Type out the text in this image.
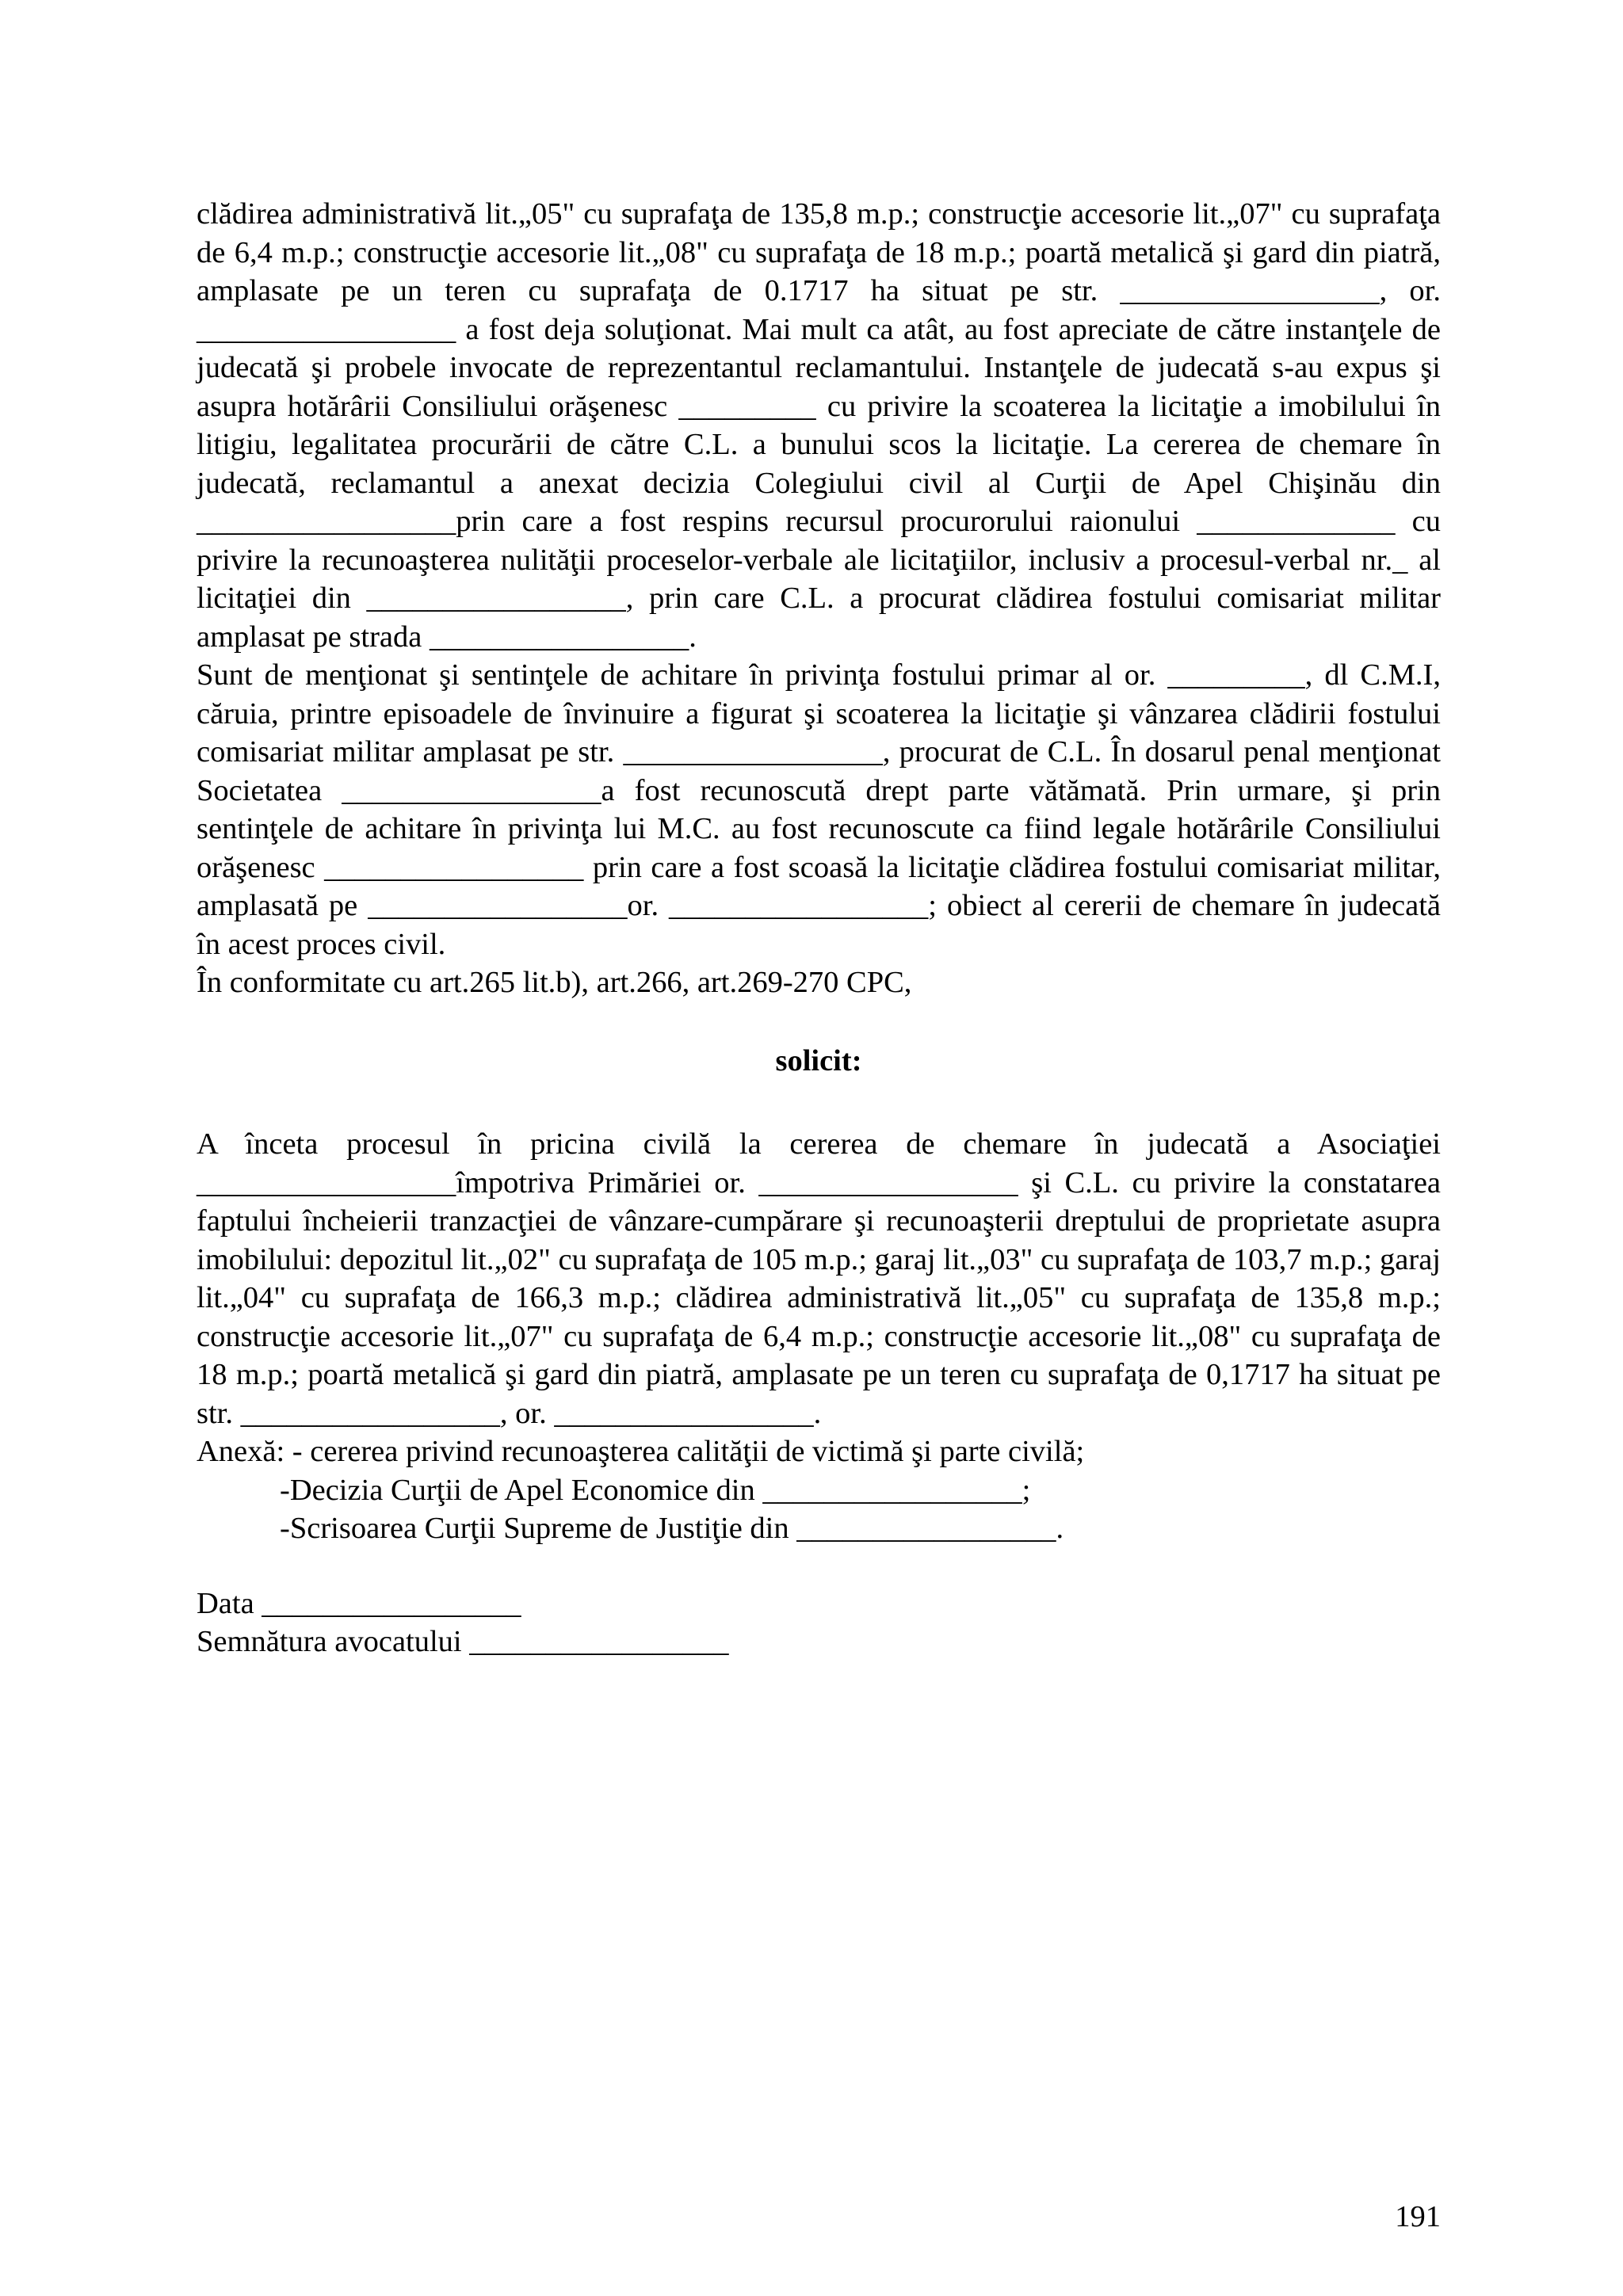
clădirea administrativă lit.„05" cu suprafaţa de 135,8 m.p.; construcţie accesorie lit.„07" cu suprafaţa de 6,4 m.p.; construcţie accesorie lit.„08" cu suprafaţa de 18 m.p.; poartă metalică şi gard din piatră, amplasate pe un teren cu suprafaţa de 0.1717 ha situat pe str. _________________, or. _________________ a fost deja soluţionat. Mai mult ca atât, au fost apreciate de către instanţele de judecată şi probele invocate de reprezentantul reclamantului. Instanţele de judecată s-au expus şi asupra hotărârii Consiliului orăşenesc _________ cu privire la scoaterea la licitaţie a imobilului în litigiu, legalitatea procurării de către C.L. a bunului scos la licitaţie. La cererea de chemare în judecată, reclamantul a anexat decizia Colegiului civil al Curţii de Apel Chişinău din _________________prin care a fost respins recursul procurorului raionului _____________ cu privire la recunoaşterea nulităţii proceselor-verbale ale licitaţiilor, inclusiv a procesul-verbal nr._ al licitaţiei din _________________, prin care C.L. a procurat clădirea fostului comisariat militar amplasat pe strada _________________.

Sunt de menţionat şi sentinţele de achitare în privinţa fostului primar al or. _________, dl C.M.I, căruia, printre episoadele de învinuire a figurat şi scoaterea la licitaţie şi vânzarea clădirii fostului comisariat militar amplasat pe str. _________________, procurat de C.L. În dosarul penal menţionat Societatea _________________a fost recunoscută drept parte vătămată. Prin urmare, şi prin sentinţele de achitare în privinţa lui M.C. au fost recunoscute ca fiind legale hotărârile Consiliului orăşenesc _________________ prin care a fost scoasă la licitaţie clădirea fostului comisariat militar, amplasată pe _________________or. _________________; obiect al cererii de chemare în judecată în acest proces civil.

În conformitate cu art.265 lit.b), art.266, art.269-270 CPC,

solicit:

A înceta procesul în pricina civilă la cererea de chemare în judecată a Asociaţiei _________________împotriva Primăriei or. _________________ şi C.L. cu privire la constatarea faptului încheierii tranzacţiei de vânzare-cumpărare şi recunoaşterii dreptului de proprietate asupra imobilului: depozitul lit.„02" cu suprafaţa de 105 m.p.; garaj lit.„03" cu suprafaţa de 103,7 m.p.; garaj lit.„04" cu suprafaţa de 166,3 m.p.; clădirea administrativă lit.„05" cu suprafaţa de 135,8 m.p.; construcţie accesorie lit.„07" cu suprafaţa de 6,4 m.p.; construcţie accesorie lit.„08" cu suprafaţa de 18 m.p.; poartă metalică şi gard din piatră, amplasate pe un teren cu suprafaţa de 0,1717 ha situat pe str. _________________, or. _________________.

Anexă: - cererea privind recunoaşterea calităţii de victimă şi parte civilă;

-Decizia Curţii de Apel Economice din _________________;

-Scrisoarea Curţii Supreme de Justiţie din _________________.

Data _________________

Semnătura avocatului _________________

191
